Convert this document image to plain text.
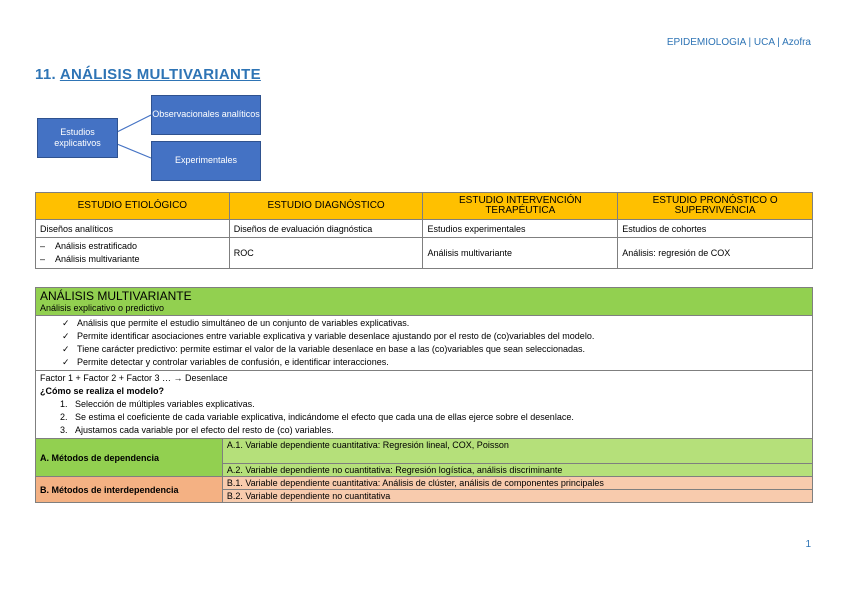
EPIDEMIOLOGIA | UCA | Azofra
11. ANÁLISIS MULTIVARIANTE
Estudios explicativos
Observacionales analíticos
Experimentales
ESTUDIO ETIOLÓGICO	ESTUDIO DIAGNÓSTICO	ESTUDIO INTERVENCIÓN TERAPÉUTICA	ESTUDIO PRONÓSTICO O SUPERVIVENCIA
Diseños analíticos	Diseños de evaluación diagnóstica	Estudios experimentales	Estudios de cohortes

–    Análisis estratificado
–    Análisis multivariante	ROC	Análisis multivariante	Análisis: regresión de COX
ANÁLISIS MULTIVARIANTE
Análisis explicativo o predictivo	

✓   Análisis que permite el estudio simultáneo de un conjunto de variables explicativas.
✓   Permite identificar asociaciones entre variable explicativa y variable desenlace ajustando por el resto de (co)variables del modelo.
✓   Tiene carácter predictivo: permite estimar el valor de la variable desenlace en base a las (co)variables que sean seleccionadas.
✓   Permite detectar y controlar variables de confusión, e identificar interacciones.	

Factor 1 + Factor 2 + Factor 3 … → Desenlace
¿Cómo se realiza el modelo?
1.   Selección de múltiples variables explicativas.
2.   Se estima el coeficiente de cada variable explicativa, indicándome el efecto que cada una de ellas ejerce sobre el desenlace.
3.   Ajustamos cada variable por el efecto del resto de (co) variables.	

A. Métodos de dependencia	A.1. Variable dependiente cuantitativa: Regresión lineal, COX, Poisson
	A.2. Variable dependiente no cuantitativa: Regresión logística, análisis discriminante
B. Métodos de interdependencia	B.1. Variable dependiente cuantitativa: Análisis de clúster, análisis de componentes principales
	B.2. Variable dependiente no cuantitativa
1
